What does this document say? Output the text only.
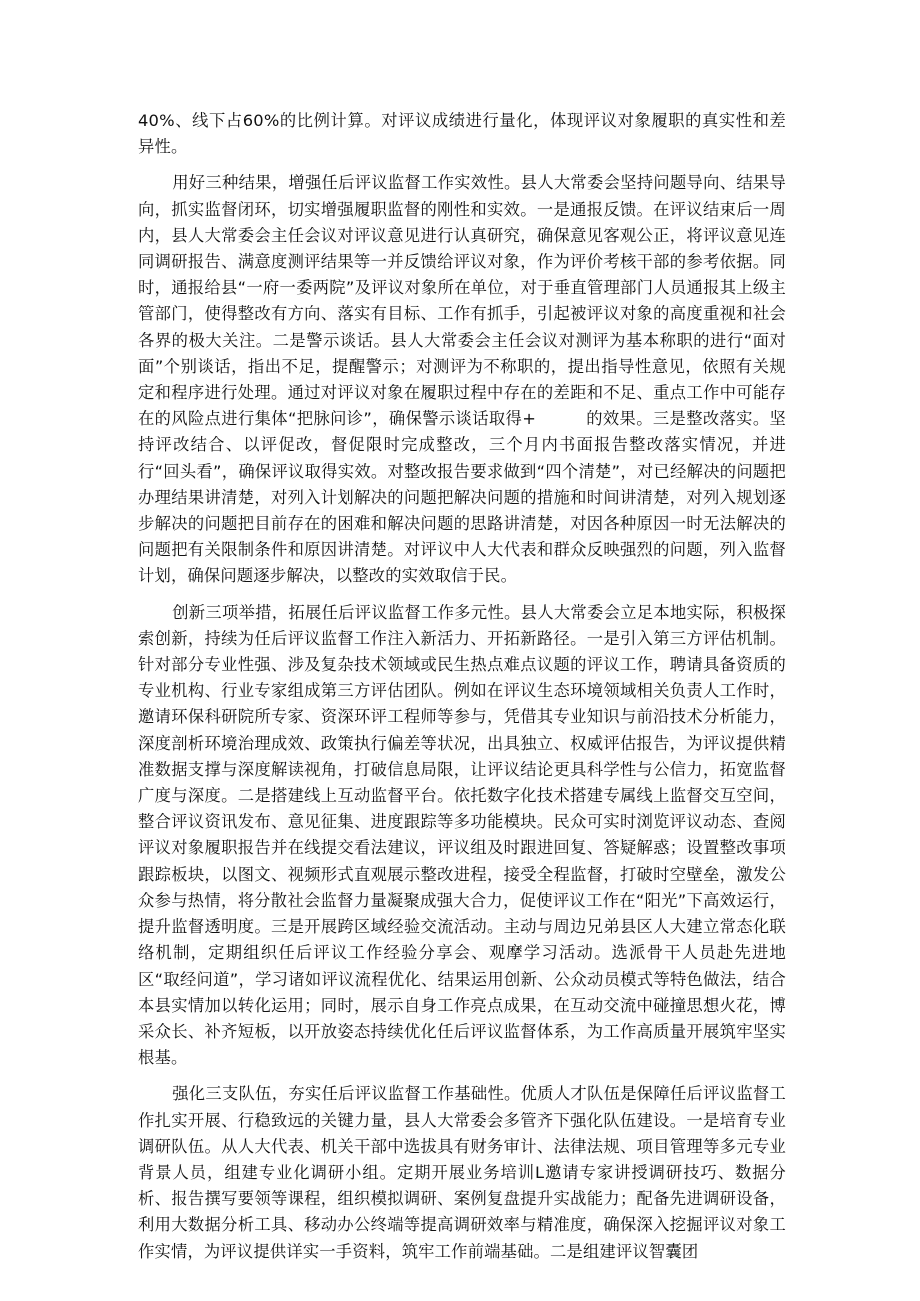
40%、线下占60%的比例计算。对评议成绩进行量化，体现评议对象履职的真实性和差异性。

用好三种结果，增强任后评议监督工作实效性。县人大常委会坚持问题导向、结果导向，抓实监督闭环，切实增强履职监督的刚性和实效。一是通报反馈。在评议结束后一周内，县人大常委会主任会议对评议意见进行认真研究，确保意见客观公正，将评议意见连同调研报告、满意度测评结果等一并反馈给评议对象，作为评价考核干部的参考依据。同时，通报给县“一府一委两院”及评议对象所在单位，对于垂直管理部门人员通报其上级主管部门，使得整改有方向、落实有目标、工作有抓手，引起被评议对象的高度重视和社会各界的极大关注。二是警示谈话。县人大常委会主任会议对测评为基本称职的进行“面对面”个别谈话，指出不足，提醒警示；对测评为不称职的，提出指导性意见，依照有关规定和程序进行处理。通过对评议对象在履职过程中存在的差距和不足、重点工作中可能存在的风险点进行集体“把脉问诊”，确保警示谈话取得+　　　的效果。三是整改落实。坚持评改结合、以评促改，督促限时完成整改，三个月内书面报告整改落实情况，并进行“回头看”，确保评议取得实效。对整改报告要求做到“四个清楚”，对已经解决的问题把办理结果讲清楚，对列入计划解决的问题把解决问题的措施和时间讲清楚，对列入规划逐步解决的问题把目前存在的困难和解决问题的思路讲清楚，对因各种原因一时无法解决的问题把有关限制条件和原因讲清楚。对评议中人大代表和群众反映强烈的问题，列入监督计划，确保问题逐步解决，以整改的实效取信于民。

创新三项举措，拓展任后评议监督工作多元性。县人大常委会立足本地实际，积极探索创新，持续为任后评议监督工作注入新活力、开拓新路径。一是引入第三方评估机制。针对部分专业性强、涉及复杂技术领域或民生热点难点议题的评议工作，聘请具备资质的专业机构、行业专家组成第三方评估团队。例如在评议生态环境领域相关负责人工作时，邀请环保科研院所专家、资深环评工程师等参与，凭借其专业知识与前沿技术分析能力，深度剖析环境治理成效、政策执行偏差等状况，出具独立、权威评估报告，为评议提供精准数据支撑与深度解读视角，打破信息局限，让评议结论更具科学性与公信力，拓宽监督广度与深度。二是搭建线上互动监督平台。依托数字化技术搭建专属线上监督交互空间，整合评议资讯发布、意见征集、进度跟踪等多功能模块。民众可实时浏览评议动态、查阅评议对象履职报告并在线提交看法建议，评议组及时跟进回复、答疑解惑；设置整改事项跟踪板块，以图文、视频形式直观展示整改进程，接受全程监督，打破时空壁垒，激发公众参与热情，将分散社会监督力量凝聚成强大合力，促使评议工作在“阳光”下高效运行，提升监督透明度。三是开展跨区域经验交流活动。主动与周边兄弟县区人大建立常态化联络机制，定期组织任后评议工作经验分享会、观摩学习活动。选派骨干人员赴先进地区“取经问道”，学习诸如评议流程优化、结果运用创新、公众动员模式等特色做法，结合本县实情加以转化运用；同时，展示自身工作亮点成果，在互动交流中碰撞思想火花，博采众长、补齐短板，以开放姿态持续优化任后评议监督体系，为工作高质量开展筑牢坚实根基。

强化三支队伍，夯实任后评议监督工作基础性。优质人才队伍是保障任后评议监督工作扎实开展、行稳致远的关键力量，县人大常委会多管齐下强化队伍建设。一是培育专业调研队伍。从人大代表、机关干部中选拔具有财务审计、法律法规、项目管理等多元专业背景人员，组建专业化调研小组。定期开展业务培训L邀请专家讲授调研技巧、数据分析、报告撰写要领等课程，组织模拟调研、案例复盘提升实战能力；配备先进调研设备，利用大数据分析工具、移动办公终端等提高调研效率与精准度，确保深入挖掘评议对象工作实情，为评议提供详实一手资料，筑牢工作前端基础。二是组建评议智囊团
